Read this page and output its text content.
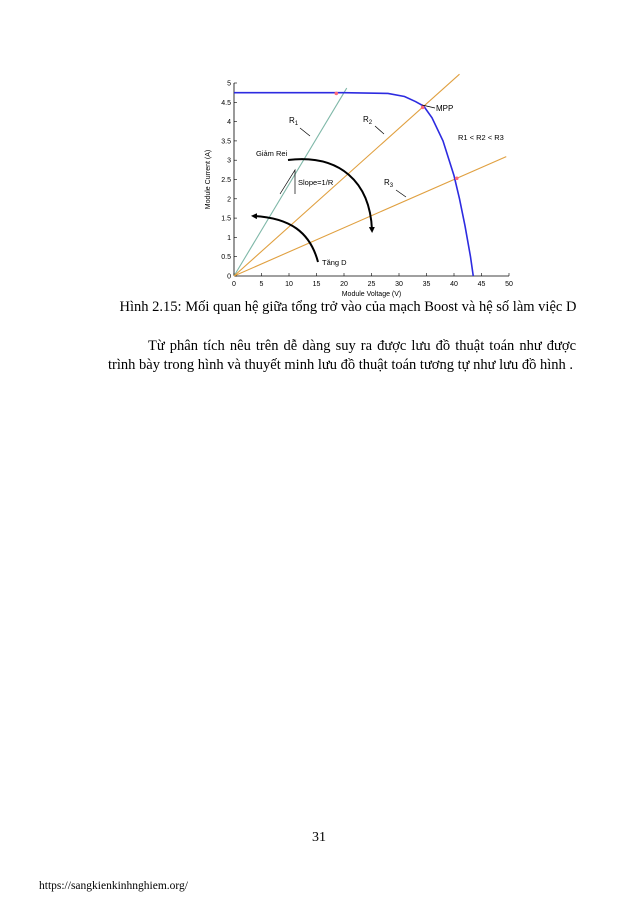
0	5	10	15	20	25	30	35	40	45	50
0
0.5
1
1.5
2
2.5
3
3.5
4
4.5
5
Module Voltage (V)
Module Current (A)
$R_1$	$R_2$
$R_3$
MPP
R1 < R2 < R3
Giảm Rei
Tăng D
Slope=1/R
Hình 2.15: Mối quan hệ giữa tổng trở vào của mạch Boost và hệ số làm việc D
Từ phân tích nêu trên dễ dàng suy ra được lưu đồ thuật toán như được trình bày trong hình và thuyết minh lưu đồ thuật toán tương tự như lưu đồ hình .
31
https://sangkienkinhnghiem.org/
